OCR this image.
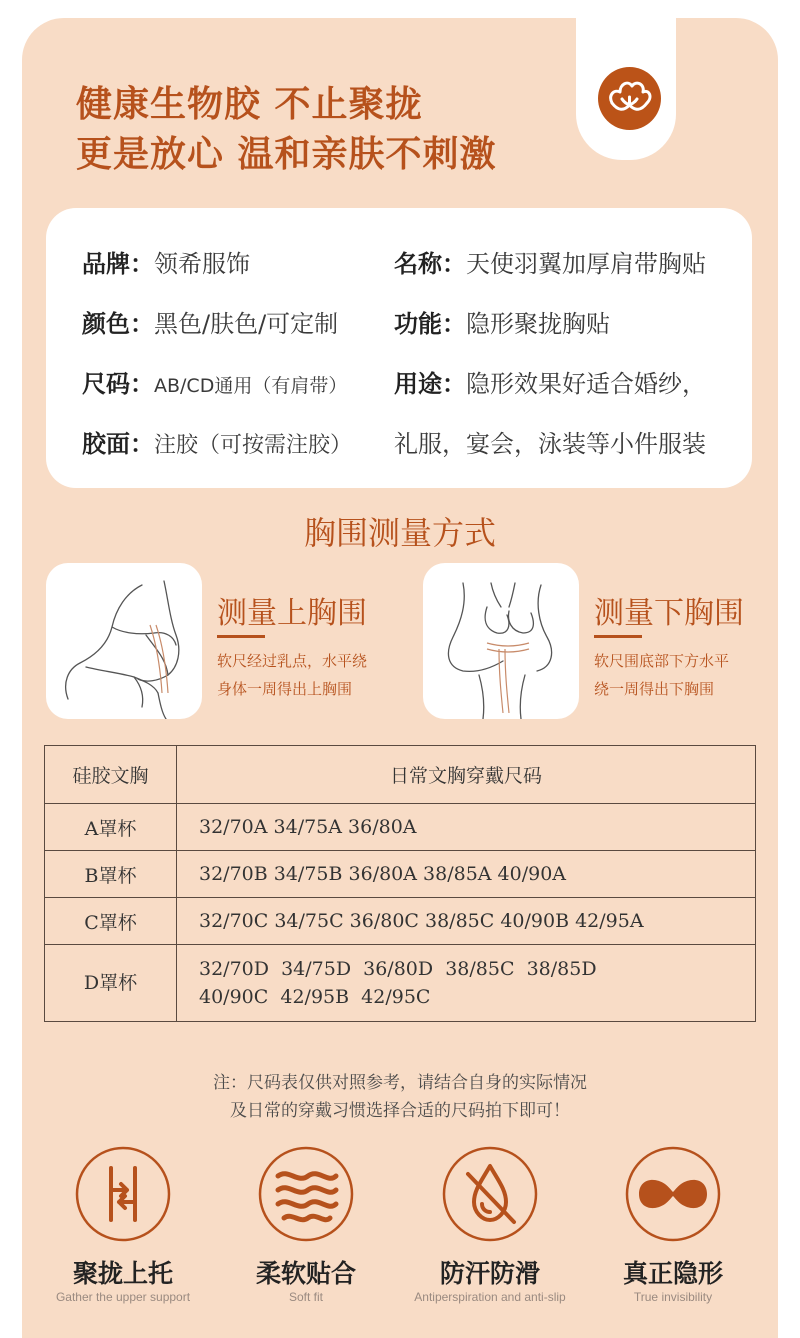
健康生物胶 不止聚拢
更是放心 温和亲肤不刺激
品牌：领希服饰	名称：天使羽翼加厚肩带胸贴
颜色：黑色/肤色/可定制 功能：隐形聚拢胸贴
尺码：AB/CD通用（有肩带） 用途：隐形效果好适合婚纱，
胶面：注胶（可按需注胶） 礼服，宴会，泳装等小件服装
胸围测量方式
测量上胸围
软尺经过乳点，水平绕
身体一周得出上胸围
测量下胸围
软尺围底部下方水平
绕一周得出下胸围
硅胶文胸	日常文胸穿戴尺码
A罩杯	32/70A 34/75A 36/80A
B罩杯	32/70B 34/75B 36/80A 38/85A 40/90A
C罩杯	32/70C 34/75C 36/80C 38/85C 40/90B 42/95A
D罩杯	32/70D  34/75D  36/80D  38/85C  38/85D
40/90C  42/95B  42/95C
注：尺码表仅供对照参考，请结合自身的实际情况
及日常的穿戴习惯选择合适的尺码拍下即可！
聚拢上托
Gather the upper support
柔软贴合
Soft fit
防汗防滑
Antiperspiration and anti-slip
真正隐形
True invisibility
